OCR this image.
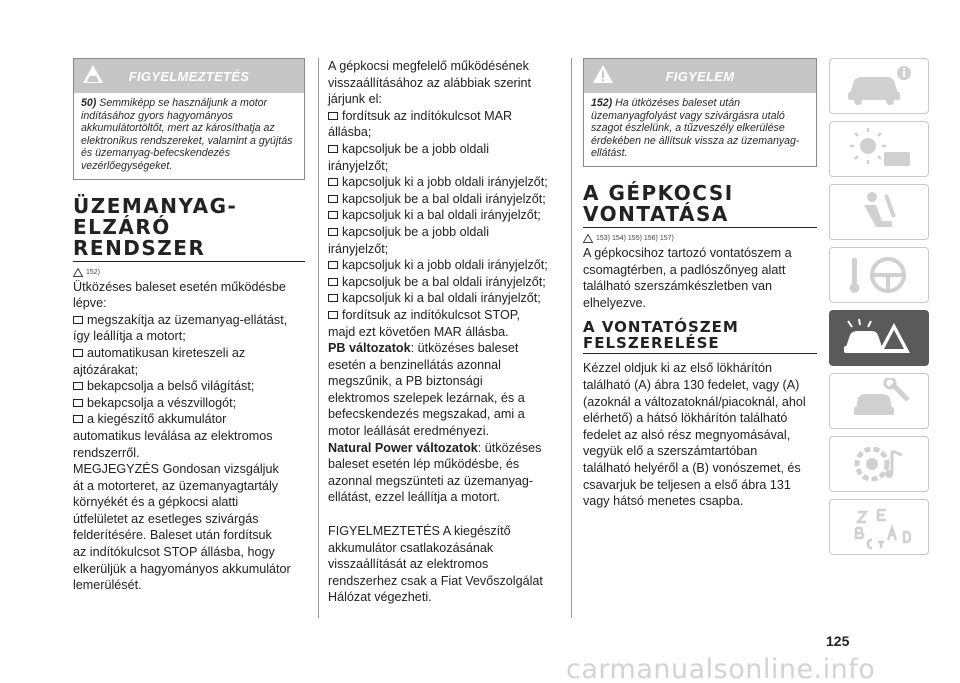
FIGYELMEZTETÉS
50) Semmiképp se használjunk a motor indításához gyors hagyományos akkumulátortöltőt, mert az károsíthatja az elektronikus rendszereket, valamint a gyújtás és üzemanyag-befecskendezés vezérlőegységeket.
ÜZEMANYAG-
ELZÁRÓ RENDSZER
152)
Ütközéses baleset esetén működésbe
lépve:
megszakítja az üzemanyag-ellátást,
így leállítja a motort;
automatikusan kireteszeli az
ajtózárakat;
bekapcsolja a belső világítást;
bekapcsolja a vészvillogót;
a kiegészítő akkumulátor
automatikus leválása az elektromos
rendszerről.
MEGJEGYZÉS Gondosan vizsgáljuk
át a motorteret, az üzemanyagtartály
környékét és a gépkocsi alatti
útfelületet az esetleges szivárgás
felderítésére. Baleset után fordítsuk
az indítókulcsot STOP állásba, hogy
elkerüljük a hagyományos akkumulátor
lemerülését.
A gépkocsi megfelelő működésének
visszaállításához az alábbiak szerint
járjunk el:
fordítsuk az indítókulcsot MAR
állásba;
kapcsoljuk be a jobb oldali
irányjelzőt;
kapcsoljuk ki a jobb oldali irányjelzőt;
kapcsoljuk be a bal oldali irányjelzőt;
kapcsoljuk ki a bal oldali irányjelzőt;
kapcsoljuk be a jobb oldali
irányjelzőt;
kapcsoljuk ki a jobb oldali irányjelzőt;
kapcsoljuk be a bal oldali irányjelzőt;
kapcsoljuk ki a bal oldali irányjelzőt;
fordítsuk az indítókulcsot STOP,
majd ezt követően MAR állásba.
PB változatok: ütközéses baleset
esetén a benzinellátás azonnal
megszűnik, a PB biztonsági
elektromos szelepek lezárnak, és a
befecskendezés megszakad, ami a
motor leállását eredményezi.
Natural Power változatok: ütközéses
baleset esetén lép működésbe, és
azonnal megszünteti az üzemanyag-
ellátást, ezzel leállítja a motort.
FIGYELMEZTETÉS A kiegészítő
akkumulátor csatlakozásának
visszaállítását az elektromos
rendszerhez csak a Fiat Vevőszolgálat
Hálózat végezheti.
FIGYELEM
152) Ha ütközéses baleset után üzemanyagfolyást vagy szivárgásra utaló szagot észlelünk, a tűzveszély elkerülése érdekében ne állítsuk vissza az üzemanyag-ellátást.
A GÉPKOCSI
VONTATÁSA
153) 154) 155) 156) 157)
A gépkocsihoz tartozó vontatószem a
csomagtérben, a padlószőnyeg alatt
található szerszámkészletben van
elhelyezve.
A VONTATÓSZEM
FELSZERELÉSE
Kézzel oldjuk ki az első lökhárítón
található (A) ábra 130 fedelet, vagy (A)
(azoknál a változatoknál/piacoknál, ahol
elérhető) a hátsó lökhárítón található
fedelet az alsó rész megnyomásával,
vegyük elő a szerszámtartóban
található helyéről a (B) vonószemet, és
csavarjuk be teljesen a első ábra 131
vagy hátsó menetes csapba.
125
carmanualsonline.info
